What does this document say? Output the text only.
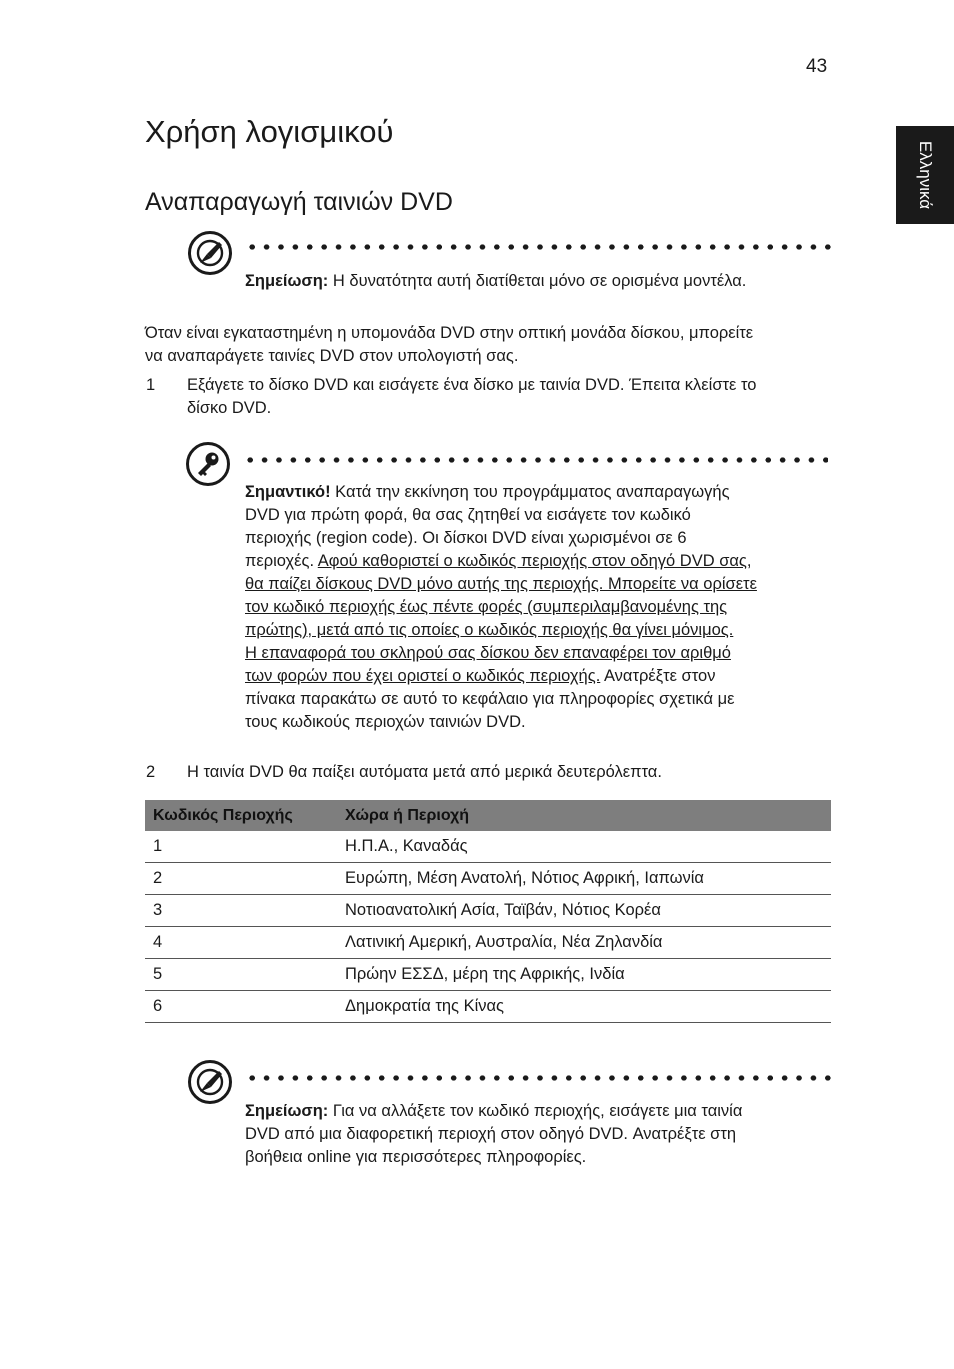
43
Ελληνικά
Χρήση λογισμικού
Αναπαραγωγή ταινιών DVD
Σημείωση: Η δυνατότητα αυτή διατίθεται μόνο σε ορισμένα μοντέλα.
Όταν είναι εγκαταστημένη η υπομονάδα DVD στην οπτική μονάδα δίσκου, μπορείτε
να αναπαράγετε ταινίες DVD στον υπολογιστή σας.
1 Εξάγετε το δίσκο DVD και εισάγετε ένα δίσκο με ταινία DVD. Έπειτα κλείστε το
δίσκο DVD.
Σημαντικό! Κατά την εκκίνηση του προγράμματος αναπαραγωγής
DVD για πρώτη φορά, θα σας ζητηθεί να εισάγετε τον κωδικό
περιοχής (region code). Οι δίσκοι DVD είναι χωρισμένοι σε 6
περιοχές. Αφού καθοριστεί ο κωδικός περιοχής στον οδηγό DVD σας,
θα παίζει δίσκους DVD μόνο αυτής της περιοχής. Μπορείτε να ορίσετε
τον κωδικό περιοχής έως πέντε φορές (συμπεριλαμβανομένης της
πρώτης), μετά από τις οποίες ο κωδικός περιοχής θα γίνει μόνιμος.
Η επαναφορά του σκληρού σας δίσκου δεν επαναφέρει τον αριθμό
των φορών που έχει οριστεί ο κωδικός περιοχής. Ανατρέξτε στον
πίνακα παρακάτω σε αυτό το κεφάλαιο για πληροφορίες σχετικά με
τους κωδικούς περιοχών ταινιών DVD.
2 Η ταινία DVD θα παίξει αυτόματα μετά από μερικά δευτερόλεπτα.
Κωδικός Περιοχής	Χώρα ή Περιοχή
1	Η.Π.Α., Καναδάς
2	Ευρώπη, Μέση Ανατολή, Νότιος Αφρική, Ιαπωνία
3	Νοτιοανατολική Ασία, Ταϊβάν, Νότιος Κορέα
4	Λατινική Αμερική, Αυστραλία, Νέα Ζηλανδία
5	Πρώην ΕΣΣΔ, μέρη της Αφρικής, Ινδία
6	Δημοκρατία της Κίνας
Σημείωση: Για να αλλάξετε τον κωδικό περιοχής, εισάγετε μια ταινία
DVD από μια διαφορετική περιοχή στον οδηγό DVD. Ανατρέξτε στη
βοήθεια online για περισσότερες πληροφορίες.
